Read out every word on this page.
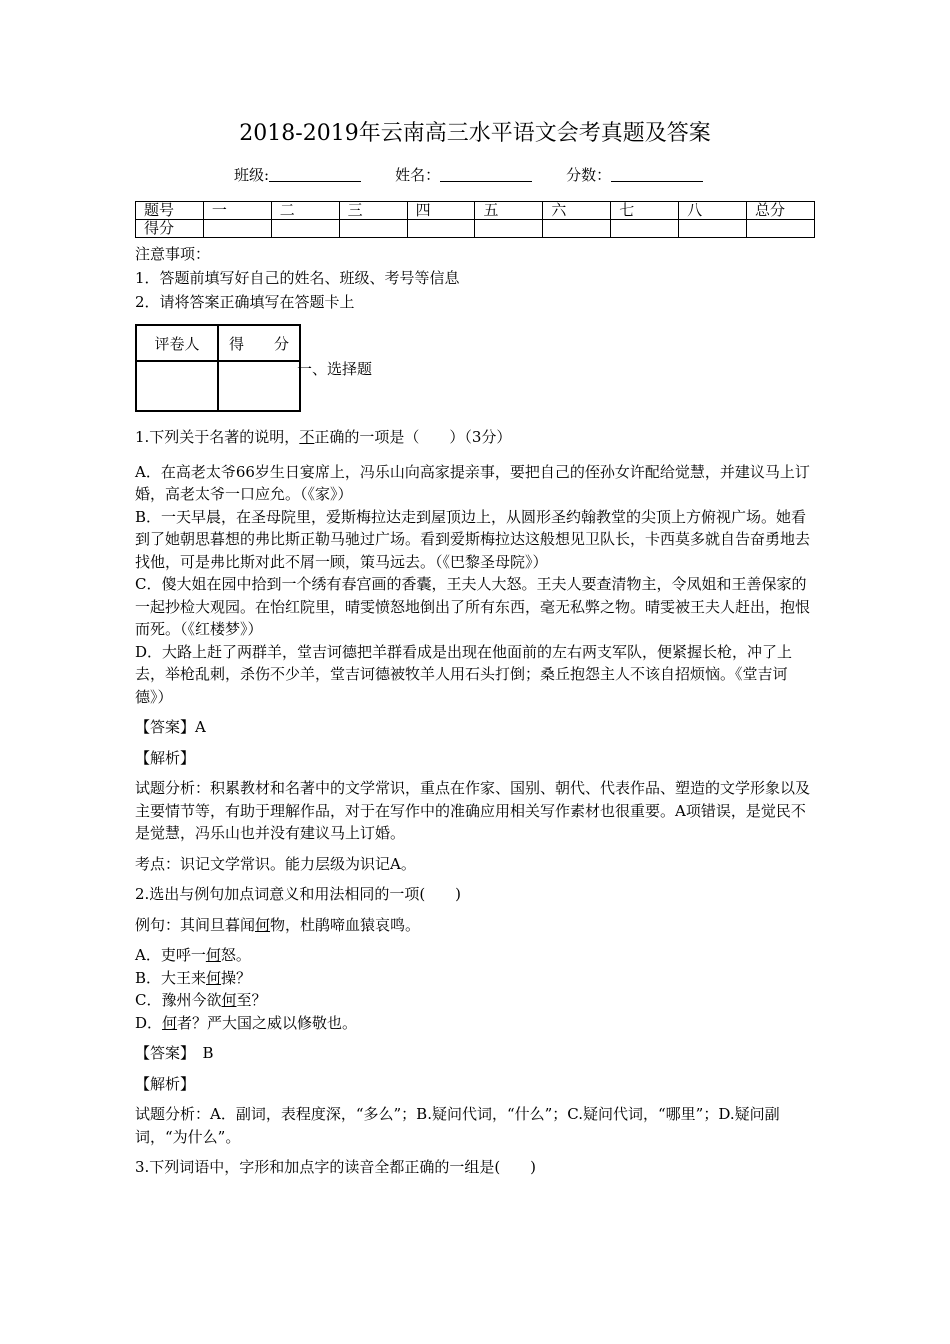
2018-2019年云南高三水平语文会考真题及答案
班级:	姓名：	分数：
题号	一	二	三	四	五	六	七	八	总分
得分									
注意事项：
1．答题前填写好自己的姓名、班级、考号等信息
2．请将答案正确填写在答题卡上
评卷人	得　　分

一、选择题

1.下列关于名著的说明，不正确的一项是（　　）（3分）

A．在高老太爷66岁生日宴席上，冯乐山向高家提亲事，要把自己的侄孙女许配给觉慧，并建议马上订婚，高老太爷一口应允。（《家》）

B．一天早晨，在圣母院里，爱斯梅拉达走到屋顶边上，从圆形圣约翰教堂的尖顶上方俯视广场。她看到了她朝思暮想的弗比斯正勒马驰过广场。看到爱斯梅拉达这般想见卫队长，卡西莫多就自告奋勇地去找他，可是弗比斯对此不屑一顾，策马远去。（《巴黎圣母院》）

C．傻大姐在园中拾到一个绣有春宫画的香囊，王夫人大怒。王夫人要查清物主，令凤姐和王善保家的一起抄检大观园。在怡红院里，晴雯愤怒地倒出了所有东西，毫无私弊之物。晴雯被王夫人赶出，抱恨而死。（《红楼梦》）

D．大路上赶了两群羊，堂吉诃德把羊群看成是出现在他面前的左右两支军队，便紧握长枪，冲了上去，举枪乱刺，杀伤不少羊，堂吉诃德被牧羊人用石头打倒；桑丘抱怨主人不该自招烦恼。《堂吉诃德》）

【答案】A

【解析】

试题分析：积累教材和名著中的文学常识，重点在作家、国别、朝代、代表作品、塑造的文学形象以及主要情节等，有助于理解作品，对于在写作中的准确应用相关写作素材也很重要。A项错误，是觉民不是觉慧，冯乐山也并没有建议马上订婚。

考点：识记文学常识。能力层级为识记A。

2.选出与例句加点词意义和用法相同的一项(　　)

例句：其间旦暮闻何物，杜鹃啼血猿哀鸣。

A．吏呼一何怒。

B．大王来何操？

C．豫州今欲何至？

D．何者？严大国之威以修敬也。

【答案】　B

【解析】

试题分析：A．副词，表程度深，“多么”；B.疑问代词，“什么”；C.疑问代词，“哪里”；D.疑问副词，“为什么”。

3.下列词语中，字形和加点字的读音全都正确的一组是(　　)
